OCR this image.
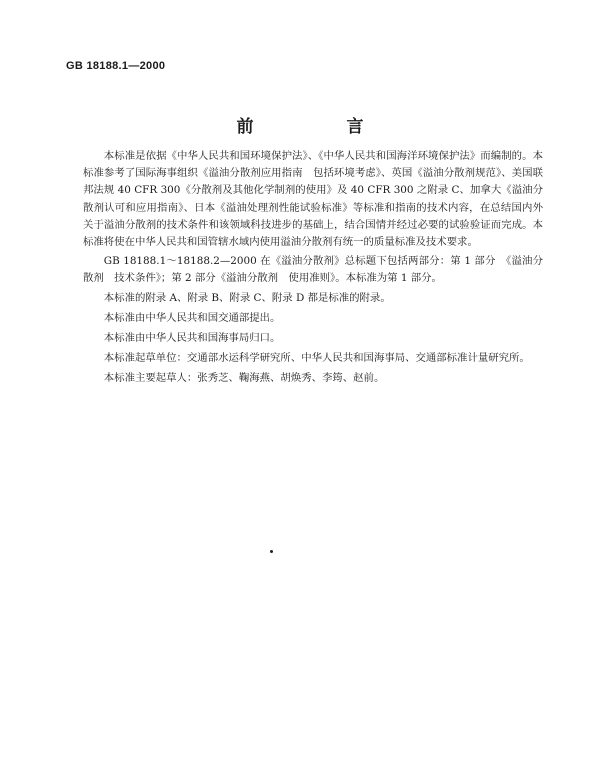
GB 18188.1—2000
前　言

本标准是依据《中华人民共和国环境保护法》、《中华人民共和国海洋环境保护法》而编制的。本标准参考了国际海事组织《溢油分散剂应用指南　包括环境考虑》、英国《溢油分散剂规范》、美国联邦法规 40 CFR 300《分散剂及其他化学制剂的使用》及 40 CFR 300 之附录 C、加拿大《溢油分散剂认可和应用指南》、日本《溢油处理剂性能试验标准》等标准和指南的技术内容，在总结国内外关于溢油分散剂的技术条件和该领域科技进步的基础上，结合国情并经过必要的试验验证而完成。本标准将使在中华人民共和国管辖水域内使用溢油分散剂有统一的质量标准及技术要求。

GB 18188.1～18188.2—2000 在《溢油分散剂》总标题下包括两部分：第 1 部分　《溢油分散剂　技术条件》；第 2 部分《溢油分散剂　使用准则》。本标准为第 1 部分。

本标准的附录 A、附录 B、附录 C、附录 D 都是标准的附录。

本标准由中华人民共和国交通部提出。

本标准由中华人民共和国海事局归口。

本标准起草单位：交通部水运科学研究所、中华人民共和国海事局、交通部标准计量研究所。

本标准主要起草人：张秀芝、鞠海燕、胡焕秀、李筠、赵前。
